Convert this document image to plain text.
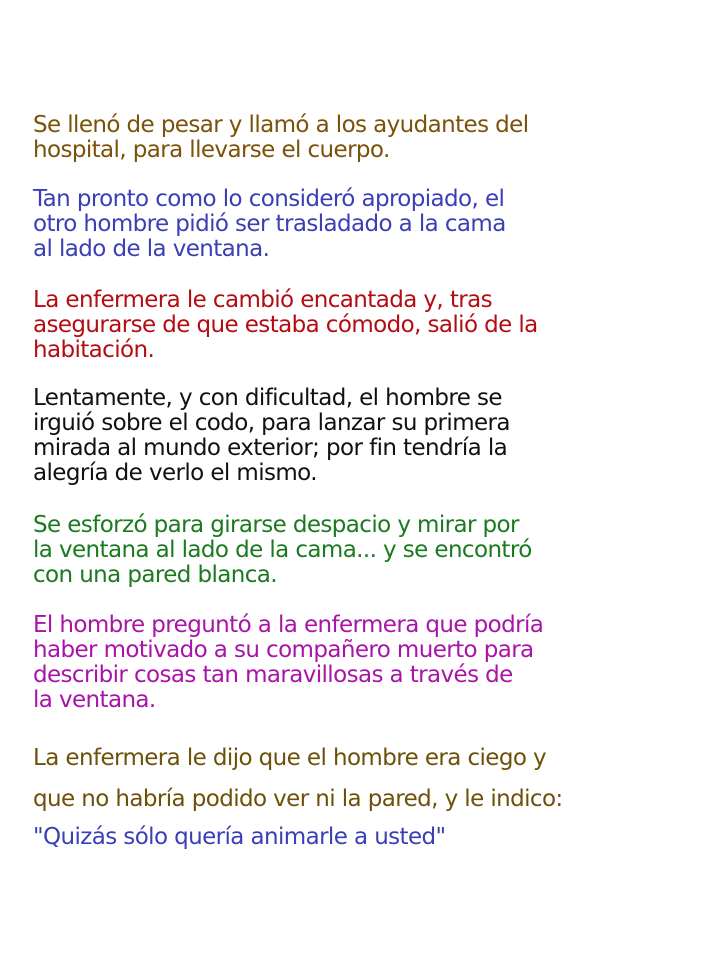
Se llenó de pesar y llamó a los ayudantes del
hospital, para llevarse el cuerpo.

Tan pronto como lo consideró apropiado, el
otro hombre pidió ser trasladado a la cama
al lado de la ventana.

La enfermera le cambió encantada y, tras
asegurarse de que estaba cómodo, salió de la
habitación.

Lentamente, y con dificultad, el hombre se
irguió sobre el codo, para lanzar su primera
mirada al mundo exterior; por fin tendría la
alegría de verlo el mismo.

Se esforzó para girarse despacio y mirar por
la ventana al lado de la cama... y se encontró
con una pared blanca.

El hombre preguntó a la enfermera que podría
haber motivado a su compañero muerto para
describir cosas tan maravillosas a través de
la ventana.

La enfermera le dijo que el hombre era ciego y
que no habría podido ver ni la pared, y le indico:

"Quizás sólo quería animarle a usted"
